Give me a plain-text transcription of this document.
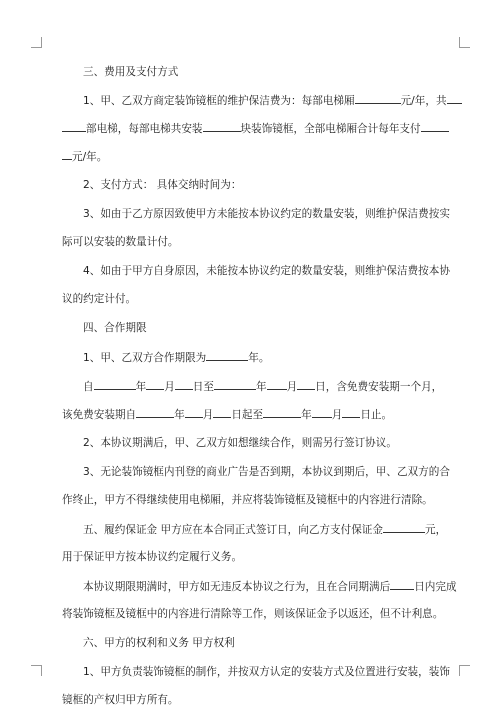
三、费用及支付方式
1、甲、乙双方商定装饰镜框的维护保洁费为：每部电梯厢	元/年，共
部电梯，每部电梯共安装	块装饰镜框，全部电梯厢合计每年支付
元/年。
2、支付方式： 具体交纳时间为：
3、如由于乙方原因致使甲方未能按本协议约定的数量安装，则维护保洁费按实
际可以安装的数量计付。
4、如由于甲方自身原因，未能按本协议约定的数量安装，则维护保洁费按本协
议的约定计付。
四、合作期限
1、甲、乙双方合作期限为	年。
自	年 月 日至	年 月 日，含免费安装期一个月，
该免费安装期自	年 月 日起至	年 月 日止。
2、本协议期满后，甲、乙双方如想继续合作，则需另行签订协议。
3、无论装饰镜框内刊登的商业广告是否到期，本协议到期后，甲、乙双方的合
作终止，甲方不得继续使用电梯厢，并应将装饰镜框及镜框中的内容进行清除。
五、履约保证金 甲方应在本合同正式签订日，向乙方支付保证金	元，
用于保证甲方按本协议约定履行义务。
本协议期限期满时，甲方如无违反本协议之行为，且在合同期满后 日内完成
将装饰镜框及镜框中的内容进行清除等工作，则该保证金予以返还，但不计利息。
六、甲方的权利和义务 甲方权利
1、甲方负责装饰镜框的制作，并按双方认定的安装方式及位置进行安装，装饰
镜框的产权归甲方所有。
